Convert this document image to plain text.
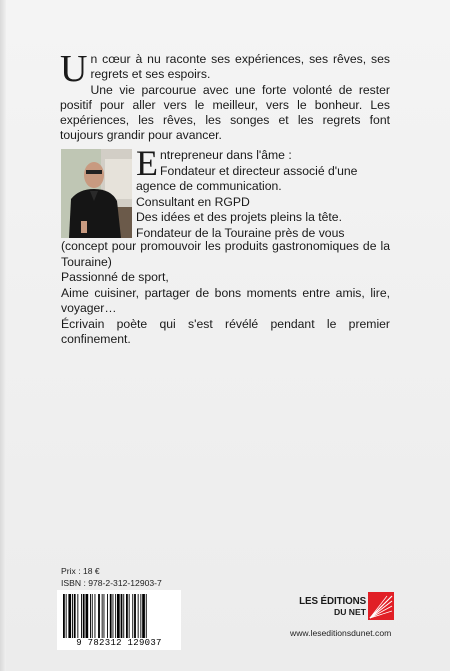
Un cœur à nu raconte ses expériences, ses rêves, ses regrets et ses espoirs.

Une vie parcourue avec une forte volonté de rester positif pour aller vers le meilleur, vers le bonheur. Les expériences, les rêves, les songes et les regrets font toujours grandir pour avancer.

E ntrepreneur dans l'âme :
Fondateur et directeur associé d'une agence de communication.
Consultant en RGPD
Des idées et des projets pleins la tête.
Fondateur de la Touraine près de vous
(concept pour promouvoir les produits gastronomiques de la Touraine)
Passionné de sport,
Aime cuisiner, partager de bons moments entre amis, lire, voyager…
Écrivain poète qui s'est révélé pendant le premier confinement.
Prix : 18 €
ISBN : 978-2-312-12903-7
9 782312 129037
LES ÉDITIONS
DU NET
www.leseditionsdunet.com
